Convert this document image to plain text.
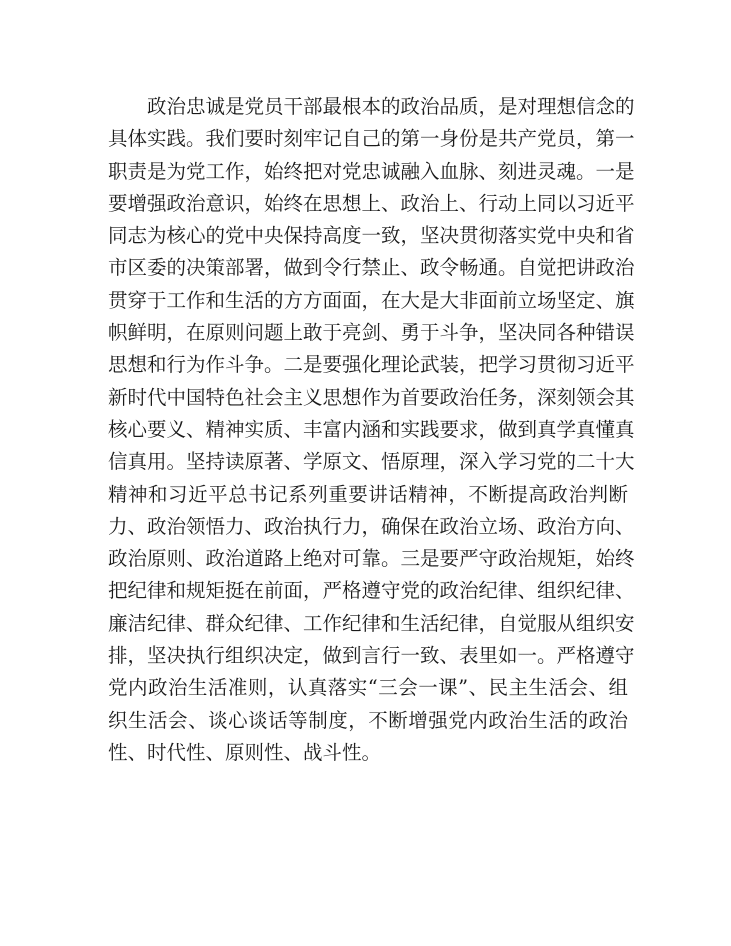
政治忠诚是党员干部最根本的政治品质，是对理想信念的
具体实践。我们要时刻牢记自己的第一身份是共产党员，第一
职责是为党工作，始终把对党忠诚融入血脉、刻进灵魂。一是
要增强政治意识，始终在思想上、政治上、行动上同以习近平
同志为核心的党中央保持高度一致，坚决贯彻落实党中央和省
市区委的决策部署，做到令行禁止、政令畅通。自觉把讲政治
贯穿于工作和生活的方方面面，在大是大非面前立场坚定、旗
帜鲜明，在原则问题上敢于亮剑、勇于斗争，坚决同各种错误
思想和行为作斗争。二是要强化理论武装，把学习贯彻习近平
新时代中国特色社会主义思想作为首要政治任务，深刻领会其
核心要义、精神实质、丰富内涵和实践要求，做到真学真懂真
信真用。坚持读原著、学原文、悟原理，深入学习党的二十大
精神和习近平总书记系列重要讲话精神，不断提高政治判断
力、政治领悟力、政治执行力，确保在政治立场、政治方向、
政治原则、政治道路上绝对可靠。三是要严守政治规矩，始终
把纪律和规矩挺在前面，严格遵守党的政治纪律、组织纪律、
廉洁纪律、群众纪律、工作纪律和生活纪律，自觉服从组织安
排，坚决执行组织决定，做到言行一致、表里如一。严格遵守
党内政治生活准则，认真落实“三会一课”、民主生活会、组
织生活会、谈心谈话等制度，不断增强党内政治生活的政治
性、时代性、原则性、战斗性。
